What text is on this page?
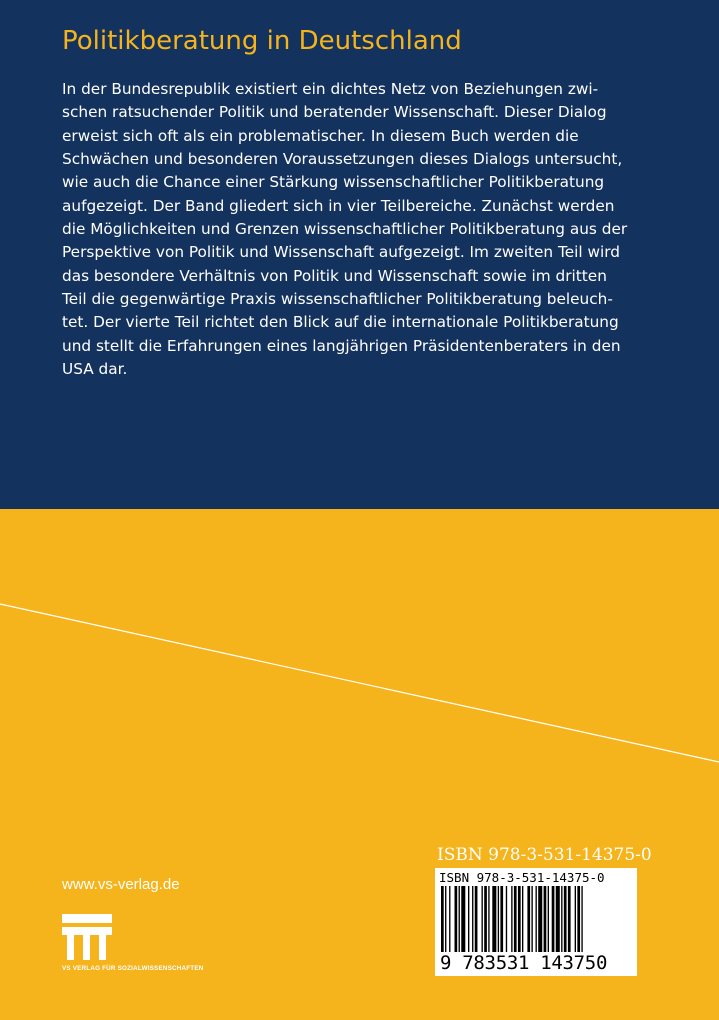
Politikberatung in Deutschland
In der Bundesrepublik existiert ein dichtes Netz von Beziehungen zwi-
schen ratsuchender Politik und beratender Wissenschaft. Dieser Dialog
erweist sich oft als ein problematischer. In diesem Buch werden die
Schwächen und besonderen Voraussetzungen dieses Dialogs untersucht,
wie auch die Chance einer Stärkung wissenschaftlicher Politikberatung
aufgezeigt. Der Band gliedert sich in vier Teilbereiche. Zunächst werden
die Möglichkeiten und Grenzen wissenschaftlicher Politikberatung aus der
Perspektive von Politik und Wissenschaft aufgezeigt. Im zweiten Teil wird
das besondere Verhältnis von Politik und Wissenschaft sowie im dritten
Teil die gegenwärtige Praxis wissenschaftlicher Politikberatung beleuch-
tet. Der vierte Teil richtet den Blick auf die internationale Politikberatung
und stellt die Erfahrungen eines langjährigen Präsidentenberaters in den
USA dar.
ISBN 978-3-531-14375-0
ISBN 978-3-531-14375-0
9 783531 143750
www.vs-verlag.de
VS VERLAG FÜR SOZIALWISSENSCHAFTEN
